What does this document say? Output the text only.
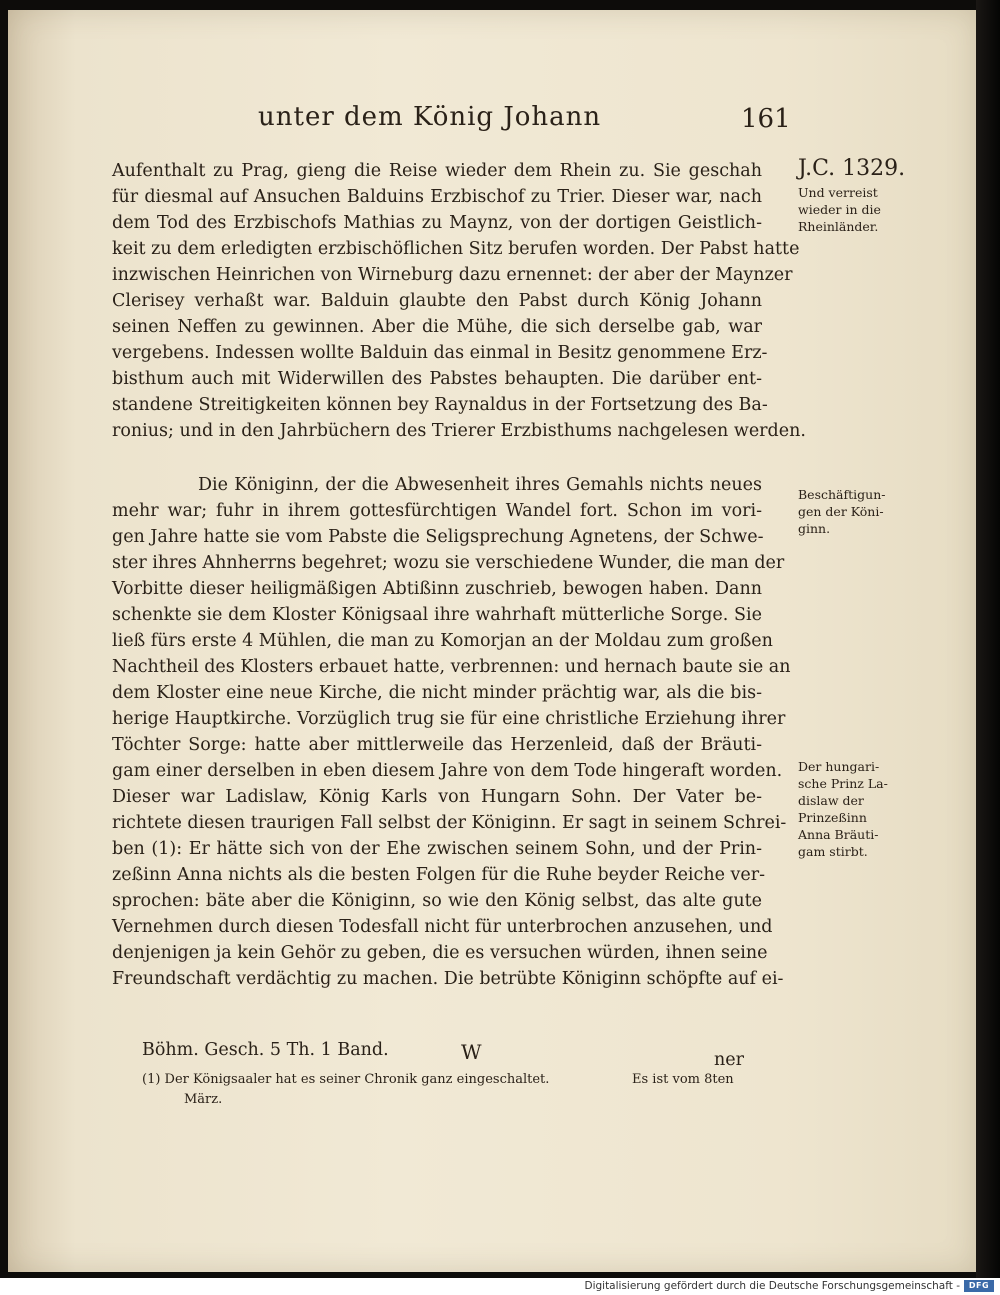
unter dem König Johann	161
Aufenthalt zu Prag, gieng die Reise wieder dem Rhein zu. Sie geschah
für diesmal auf Ansuchen Balduins Erzbischof zu Trier. Dieser war, nach
dem Tod des Erzbischofs Mathias zu Maynz, von der dortigen Geistlich-
keit zu dem erledigten erzbischöflichen Sitz berufen worden. Der Pabst hatte
inzwischen Heinrichen von Wirneburg dazu ernennet: der aber der Maynzer
Clerisey verhaßt war. Balduin glaubte den Pabst durch König Johann
seinen Neffen zu gewinnen. Aber die Mühe, die sich derselbe gab, war
vergebens. Indessen wollte Balduin das einmal in Besitz genommene Erz-
bisthum auch mit Widerwillen des Pabstes behaupten. Die darüber ent-
standene Streitigkeiten können bey Raynaldus in der Fortsetzung des Ba-
ronius; und in den Jahrbüchern des Trierer Erzbisthums nachgelesen werden.
Die Königinn, der die Abwesenheit ihres Gemahls nichts neues
mehr war; fuhr in ihrem gottesfürchtigen Wandel fort. Schon im vori-
gen Jahre hatte sie vom Pabste die Seligsprechung Agnetens, der Schwe-
ster ihres Ahnherrns begehret; wozu sie verschiedene Wunder, die man der
Vorbitte dieser heiligmäßigen Abtißinn zuschrieb, bewogen haben. Dann
schenkte sie dem Kloster Königsaal ihre wahrhaft mütterliche Sorge. Sie
ließ fürs erste 4 Mühlen, die man zu Komorjan an der Moldau zum großen
Nachtheil des Klosters erbauet hatte, verbrennen: und hernach baute sie an
dem Kloster eine neue Kirche, die nicht minder prächtig war, als die bis-
herige Hauptkirche. Vorzüglich trug sie für eine christliche Erziehung ihrer
Töchter Sorge: hatte aber mittlerweile das Herzenleid, daß der Bräuti-
gam einer derselben in eben diesem Jahre von dem Tode hingeraft worden.
Dieser war Ladislaw, König Karls von Hungarn Sohn. Der Vater be-
richtete diesen traurigen Fall selbst der Königinn. Er sagt in seinem Schrei-
ben (1): Er hätte sich von der Ehe zwischen seinem Sohn, und der Prin-
zeßinn Anna nichts als die besten Folgen für die Ruhe beyder Reiche ver-
sprochen: bäte aber die Königinn, so wie den König selbst, das alte gute
Vernehmen durch diesen Todesfall nicht für unterbrochen anzusehen, und
denjenigen ja kein Gehör zu geben, die es versuchen würden, ihnen seine
Freundschaft verdächtig zu machen. Die betrübte Königinn schöpfte auf ei-
J.C. 1329.
Und verreist
wieder in die
Rheinländer.
Beschäftigun-
gen der Köni-
ginn.
Der hungari-
sche Prinz La-
dislaw der
Prinzeßinn
Anna Bräuti-
gam stirbt.
Böhm. Gesch. 5 Th. 1 Band.	W	ner
(1) Der Königsaaler hat es seiner Chronik ganz eingeschaltet.	Es ist vom 8ten
März.
Digitalisierung gefördert durch die Deutsche Forschungsgemeinschaft -	DFG
